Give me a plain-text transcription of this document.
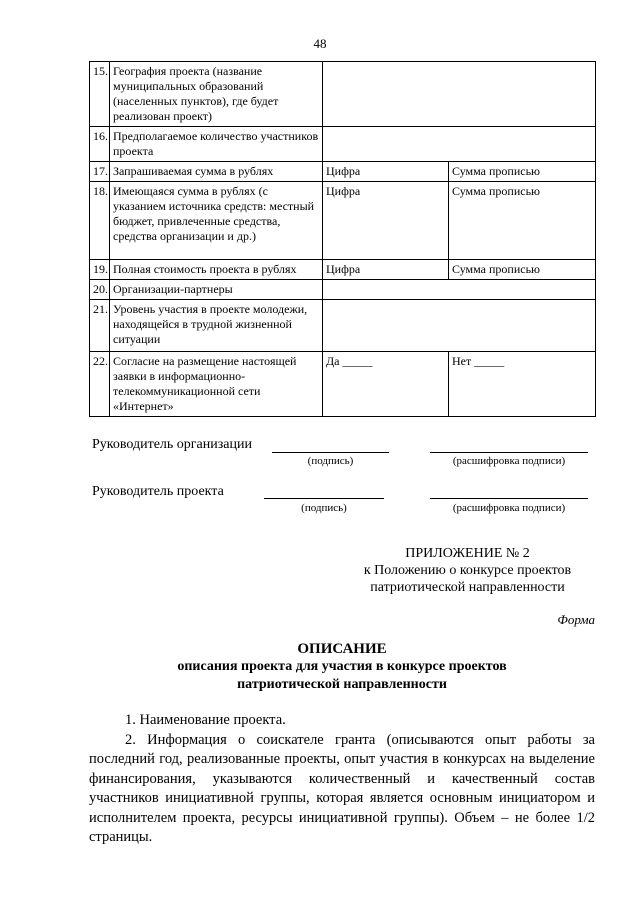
48
15.	География проекта (название муниципальных образований (населенных пунктов), где будет реализован проект)		
16.	Предполагаемое количество участников проекта		
17.	Запрашиваемая сумма в рублях	Цифра	Сумма прописью
18.	Имеющаяся сумма в рублях (с указанием источника средств: местный бюджет, привлеченные средства, средства организации и др.)	Цифра	Сумма прописью
19.	Полная стоимость проекта в рублях	Цифра	Сумма прописью
20.	Организации-партнеры		
21.	Уровень участия в проекте молодежи, находящейся в трудной жизненной ситуации		
22.	Согласие на размещение настоящей заявки в информационно-телекоммуникационной сети «Интернет»	Да _____	Нет _____
Руководитель организации
(подпись)	(расшифровка подписи)
Руководитель проекта
(подпись)	(расшифровка подписи)
ПРИЛОЖЕНИЕ № 2
к Положению о конкурсе проектов
патриотической направленности
Форма
ОПИСАНИЕ
описания проекта для участия в конкурсе проектов
патриотической направленности

1. Наименование проекта.

2. Информация о соискателе гранта (описываются опыт работы за последний год, реализованные проекты, опыт участия в конкурсах на выделение финансирования, указываются количественный и качественный состав участников инициативной группы, которая является основным инициатором и исполнителем проекта, ресурсы инициативной группы). Объем – не более 1/2 страницы.
